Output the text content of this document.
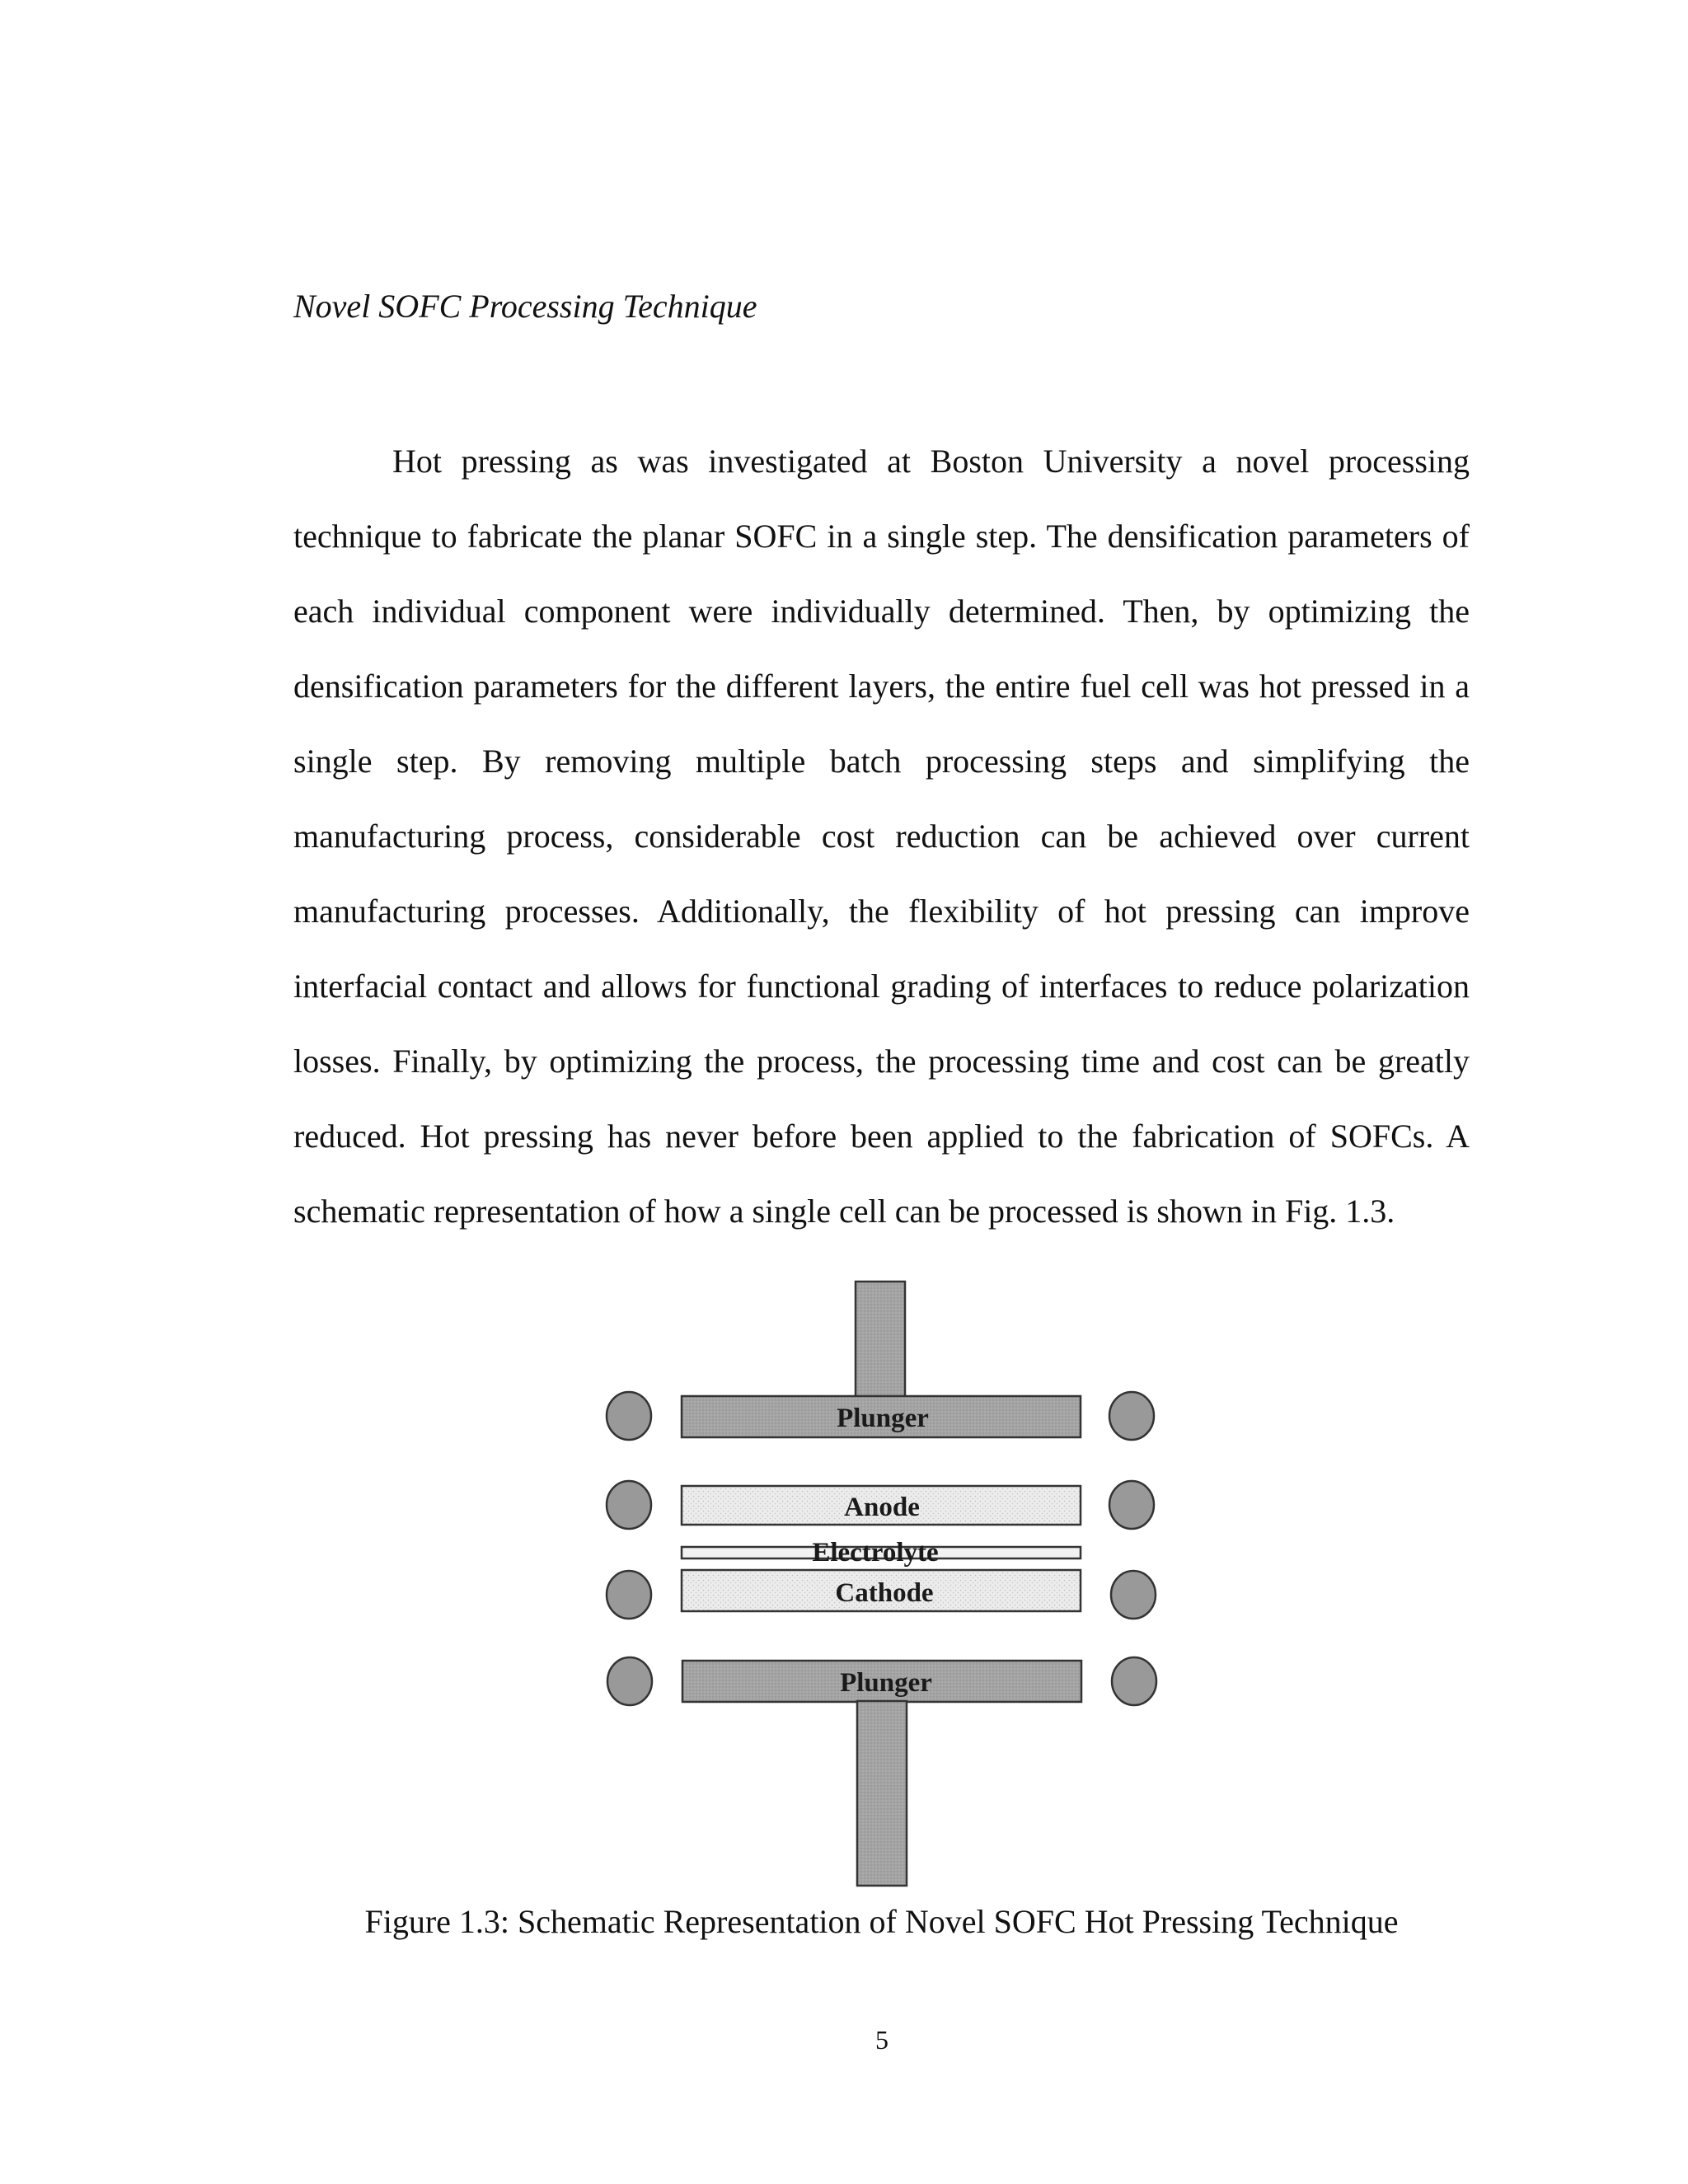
Novel SOFC Processing Technique
Hot pressing as was investigated at Boston University a novel processing
technique to fabricate the planar SOFC in a single step. The densification parameters of
each individual component were individually determined. Then, by optimizing the
densification parameters for the different layers, the entire fuel cell was hot pressed in a
single step. By removing multiple batch processing steps and simplifying the
manufacturing process, considerable cost reduction can be achieved over current
manufacturing processes. Additionally, the flexibility of hot pressing can improve
interfacial contact and allows for functional grading of interfaces to reduce polarization
losses. Finally, by optimizing the process, the processing time and cost can be greatly
reduced. Hot pressing has never before been applied to the fabrication of SOFCs. A
schematic representation of how a single cell can be processed is shown in Fig. 1.3.
Plunger
Anode
Electrolyte
Cathode
Plunger
Figure 1.3: Schematic Representation of Novel SOFC Hot Pressing Technique
5
